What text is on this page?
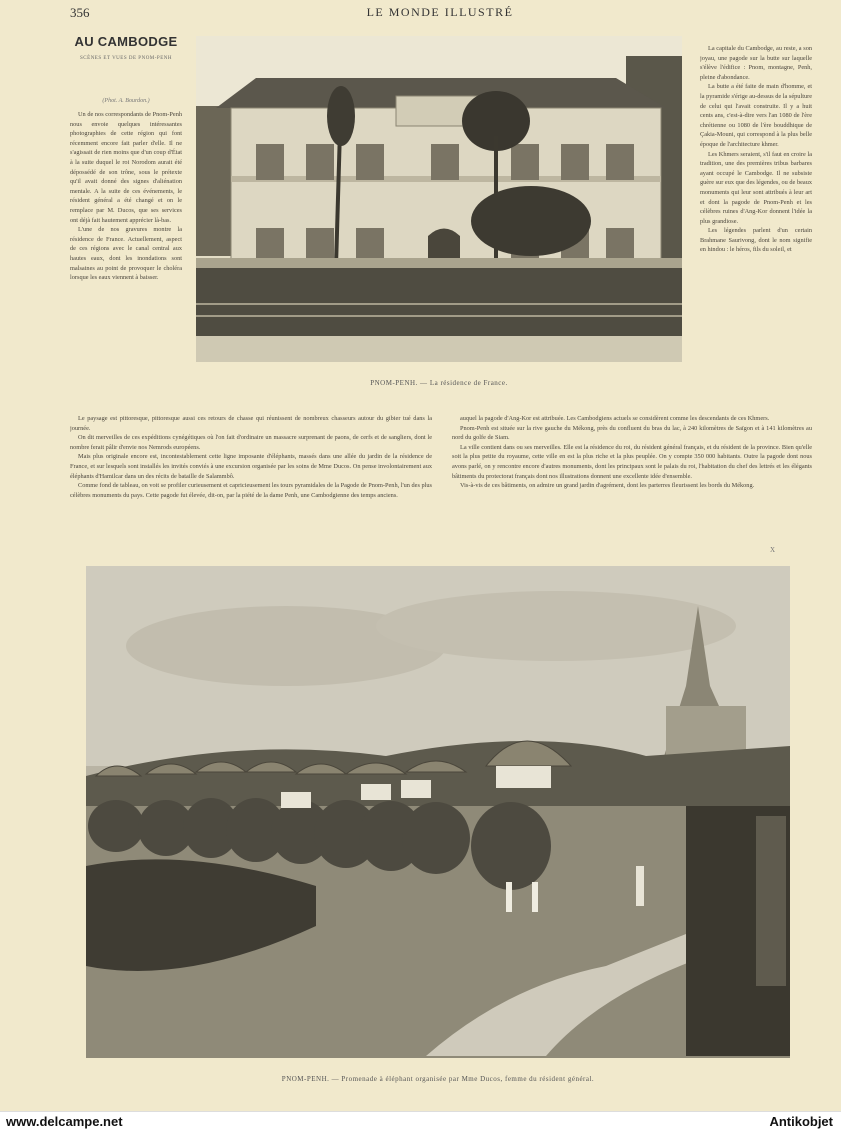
356	LE MONDE ILLUSTRÉ
AU CAMBODGE
SCÈNES ET VUES DE PNOM-PENH
(Phot. A. Bourdon.)

Un de nos correspondants de Pnom-Penh nous envoie quelques intéressantes photographies de cette région qui font récemment encore fait parler d'elle. Il ne s'agissait de rien moins que d'un coup d'État à la suite duquel le roi Norodom aurait été dépossédé de son trône, sous le prétexte qu'il avait donné des signes d'aliénation mentale. A la suite de ces événements, le résident général a été changé et on le remplace par M. Ducos, que ses services ont déjà fait hautement apprécier là-bas.

L'une de nos gravures montre la résidence de France. Actuellement, aspect de ces régions avec le canal central aux hautes eaux, dont les inondations sont malsaines au point de provoquer le choléra lorsque les eaux viennent à baisser.

PNOM-PENH. — La résidence de France.

La capitale du Cambodge, au reste, a son joyau, une pagode sur la butte sur laquelle s'élève l'édifice : Pnom, montagne, Penh, pleine d'abondance.

La butte a été faite de main d'homme, et la pyramide s'érige au-dessus de la sépulture de celui qui l'avait construite. Il y a huit cents ans, c'est-à-dire vers l'an 1080 de l'ère chrétienne ou 1080 de l'ère bouddhique de Çakia-Mouni, qui correspond à la plus belle époque de l'architecture khmer.

Les Khmers seraient, s'il faut en croire la tradition, une des premières tribus barbares ayant occupé le Cambodge. Il ne subsiste guère sur eux que des légendes, ou de beaux monuments qui leur sont attribués à leur art et dont la pagode de Pnom-Penh et les célèbres ruines d'Ang-Kor donnent l'idée la plus grandiose.

Les légendes parlent d'un certain Brahmane Saurivong, dont le nom signifie en hindou : le héros, fils du soleil, et

Le paysage est pittoresque, pittoresque aussi ces retours de chasse qui réunissent de nombreux chasseurs autour du gibier tué dans la journée.

On dit merveilles de ces expéditions cynégétiques où l'on fait d'ordinaire un massacre surprenant de paons, de cerfs et de sangliers, dont le nombre ferait pâlir d'envie nos Nemrods européens.

Mais plus originale encore est, incontestablement cette ligne imposante d'éléphants, massés dans une allée du jardin de la résidence de France, et sur lesquels sont installés les invités conviés à une excursion organisée par les soins de Mme Ducos. On pense involontairement aux éléphants d'Hamilcar dans un des récits de bataille de Salammbô.

Comme fond de tableau, on voit se profiler curieusement et capricieusement les tours pyramidales de la Pagode de Pnom-Penh, l'un des plus célèbres monuments du pays. Cette pagode fut élevée, dit-on, par la piété de la dame Penh, une Cambodgienne des temps anciens.

auquel la pagode d'Ang-Kor est attribuée. Les Cambodgiens actuels se considèrent comme les descendants de ces Khmers.

Pnom-Penh est située sur la rive gauche du Mékong, près du confluent du bras du lac, à 240 kilomètres de Saïgon et à 141 kilomètres au nord du golfe de Siam.

La ville contient dans ou ses merveilles. Elle est la résidence du roi, du résident général français, et du résident de la province. Bien qu'elle soit la plus petite du royaume, cette ville en est la plus riche et la plus peuplée. On y compte 350 000 habitants. Outre la pagode dont nous avons parlé, on y rencontre encore d'autres monuments, dont les principaux sont le palais du roi, l'habitation du chef des lettrés et les élégants bâtiments du protectorat français dont nos illustrations donnent une excellente idée d'ensemble.

Vis-à-vis de ces bâtiments, on admire un grand jardin d'agrément, dont les parterres fleurissent les bords du Mékong.

X
PNOM-PENH. — Promenade à éléphant organisée par Mme Ducos, femme du résident général.
www.delcampe.net	Antikobjet
